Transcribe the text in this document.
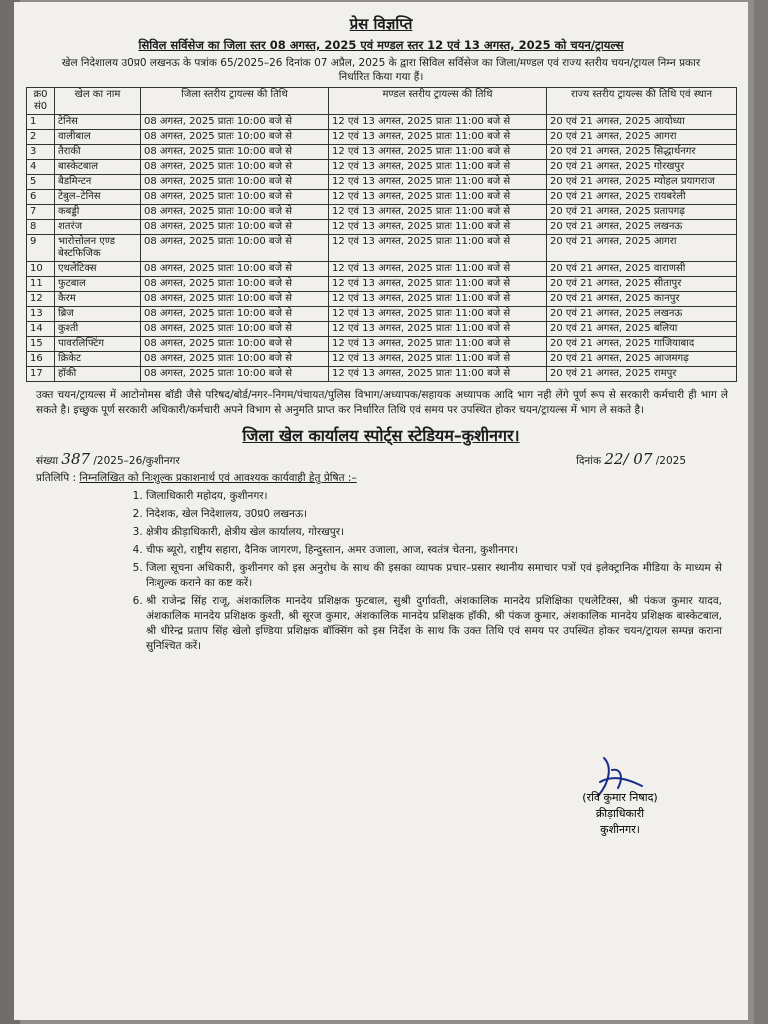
प्रेस विज्ञप्ति
सिविल सर्विसेज का जिला स्तर 08 अगस्त, 2025 एवं मण्डल स्तर 12 एवं 13 अगस्त, 2025 को चयन/ट्रायल्स
खेल निदेशालय उ0प्र0 लखनऊ के पत्रांक 65/2025–26 दिनांक 07 अप्रैल, 2025 के द्वारा सिविल सर्विसेज का जिला/मण्डल एवं राज्य स्तरीय चयन/ट्रायल निम्न प्रकार निर्धारित किया गया हैं।
क्र0 सं0	खेल का नाम	जिला स्तरीय ट्रायल्स की तिथि	मण्डल स्तरीय ट्रायल्स की तिथि	राज्य स्तरीय ट्रायल्स की तिथि एवं स्थान
1	टेनिस	08 अगस्त, 2025 प्रातः 10:00 बजे से	12 एवं 13 अगस्त, 2025 प्रातः 11:00 बजे से	20 एवं 21 अगस्त, 2025 आयोध्या
2	वालीबाल	08 अगस्त, 2025 प्रातः 10:00 बजे से	12 एवं 13 अगस्त, 2025 प्रातः 11:00 बजे से	20 एवं 21 अगस्त, 2025 आगरा
3	तैराकी	08 अगस्त, 2025 प्रातः 10:00 बजे से	12 एवं 13 अगस्त, 2025 प्रातः 11:00 बजे से	20 एवं 21 अगस्त, 2025 सिद्धार्थनगर
4	बास्केटबाल	08 अगस्त, 2025 प्रातः 10:00 बजे से	12 एवं 13 अगस्त, 2025 प्रातः 11:00 बजे से	20 एवं 21 अगस्त, 2025 गोरखपुर
5	बैडमिन्टन	08 अगस्त, 2025 प्रातः 10:00 बजे से	12 एवं 13 अगस्त, 2025 प्रातः 11:00 बजे से	20 एवं 21 अगस्त, 2025 म्योहल प्रयागराज
6	टेबुल–टेनिस	08 अगस्त, 2025 प्रातः 10:00 बजे से	12 एवं 13 अगस्त, 2025 प्रातः 11:00 बजे से	20 एवं 21 अगस्त, 2025 रायबरेली
7	कबड्डी	08 अगस्त, 2025 प्रातः 10:00 बजे से	12 एवं 13 अगस्त, 2025 प्रातः 11:00 बजे से	20 एवं 21 अगस्त, 2025 प्रतापगढ़
8	शतरंज	08 अगस्त, 2025 प्रातः 10:00 बजे से	12 एवं 13 अगस्त, 2025 प्रातः 11:00 बजे से	20 एवं 21 अगस्त, 2025 लखनऊ
9	भारोत्तोलन एण्ड बेस्टफिजिक	08 अगस्त, 2025 प्रातः 10:00 बजे से	12 एवं 13 अगस्त, 2025 प्रातः 11:00 बजे से	20 एवं 21 अगस्त, 2025 आगरा
10	एथलेटिक्स	08 अगस्त, 2025 प्रातः 10:00 बजे से	12 एवं 13 अगस्त, 2025 प्रातः 11:00 बजे से	20 एवं 21 अगस्त, 2025 वाराणसी
11	फुटबाल	08 अगस्त, 2025 प्रातः 10:00 बजे से	12 एवं 13 अगस्त, 2025 प्रातः 11:00 बजे से	20 एवं 21 अगस्त, 2025 सीतापुर
12	कैरम	08 अगस्त, 2025 प्रातः 10:00 बजे से	12 एवं 13 अगस्त, 2025 प्रातः 11:00 बजे से	20 एवं 21 अगस्त, 2025 कानपुर
13	ब्रिज	08 अगस्त, 2025 प्रातः 10:00 बजे से	12 एवं 13 अगस्त, 2025 प्रातः 11:00 बजे से	20 एवं 21 अगस्त, 2025 लखनऊ
14	कुश्ती	08 अगस्त, 2025 प्रातः 10:00 बजे से	12 एवं 13 अगस्त, 2025 प्रातः 11:00 बजे से	20 एवं 21 अगस्त, 2025 बलिया
15	पावरलिफ्टिंग	08 अगस्त, 2025 प्रातः 10:00 बजे से	12 एवं 13 अगस्त, 2025 प्रातः 11:00 बजे से	20 एवं 21 अगस्त, 2025 गाजियाबाद
16	क्रिकेट	08 अगस्त, 2025 प्रातः 10:00 बजे से	12 एवं 13 अगस्त, 2025 प्रातः 11:00 बजे से	20 एवं 21 अगस्त, 2025 आजमगढ़
17	हॉकी	08 अगस्त, 2025 प्रातः 10:00 बजे से	12 एवं 13 अगस्त, 2025 प्रातः 11:00 बजे से	20 एवं 21 अगस्त, 2025 रामपुर
उक्त चयन/ट्रायल्स में आटोनोमस बॉडी जैसे परिषद/बोर्ड/नगर–निगम/पंचायत/पुलिस विभाग/अध्यापक/सहायक अध्यापक आदि भाग नही लेंगे पूर्ण रूप से सरकारी कर्मचारी ही भाग ले सकते है। इच्छुक पूर्ण सरकारी अधिकारी/कर्मचारी अपने विभाग से अनुमति प्राप्त कर निर्धारित तिथि एवं समय पर उपस्थित होकर चयन/ट्रायल्स में भाग ले सकते है।
जिला खेल कार्यालय स्पोर्ट्स स्टेडियम–कुशीनगर।
संख्या 387 /2025–26/कुशीनगर	दिनांक 22/ 07 /2025
प्रतिलिपि : निम्नलिखित को निःशुल्क प्रकाशनार्थ एवं आवश्यक कार्यवाही हेतु प्रेषित :–
1. जिलाधिकारी महोदय, कुशीनगर।
2. निदेशक, खेल निदेशालय, उ0प्र0 लखनऊ।
3. क्षेत्रीय क्रीड़ाधिकारी, क्षेत्रीय खेल कार्यालय, गोरखपुर।
4. चीफ ब्यूरो, राष्ट्रीय सहारा, दैनिक जागरण, हिन्दुस्तान, अमर उजाला, आज, स्वतंत्र चेतना, कुशीनगर।
5. जिला सूचना अधिकारी, कुशीनगर को इस अनुरोध के साथ की इसका व्यापक प्रचार–प्रसार स्थानीय समाचार पत्रों एवं इलेक्ट्रानिक मीडिया के माध्यम से निःशुल्क कराने का कष्ट करें।
6. श्री राजेन्द्र सिंह राजू, अंशकालिक मानदेय प्रशिक्षक फुटबाल, सुश्री दुर्गावती, अंशकालिक मानदेय प्रशिक्षिका एथलेटिक्स, श्री पंकज कुमार यादव, अंशकालिक मानदेय प्रशिक्षक कुश्ती, श्री सूरज कुमार, अंशकालिक मानदेय प्रशिक्षक हॉकी, श्री पंकज कुमार, अंशकालिक मानदेय प्रशिक्षक बास्केटबाल, श्री धीरेन्द्र प्रताप सिंह खेलो इण्डिया प्रशिक्षक बॉक्सिंग को इस निर्देश के साथ कि उक्त तिथि एवं समय पर उपस्थित होकर चयन/ट्रायल सम्पन्न कराना सुनिश्चित करें।
(रवि कुमार निषाद)
क्रीड़ाधिकारी
कुशीनगर।
